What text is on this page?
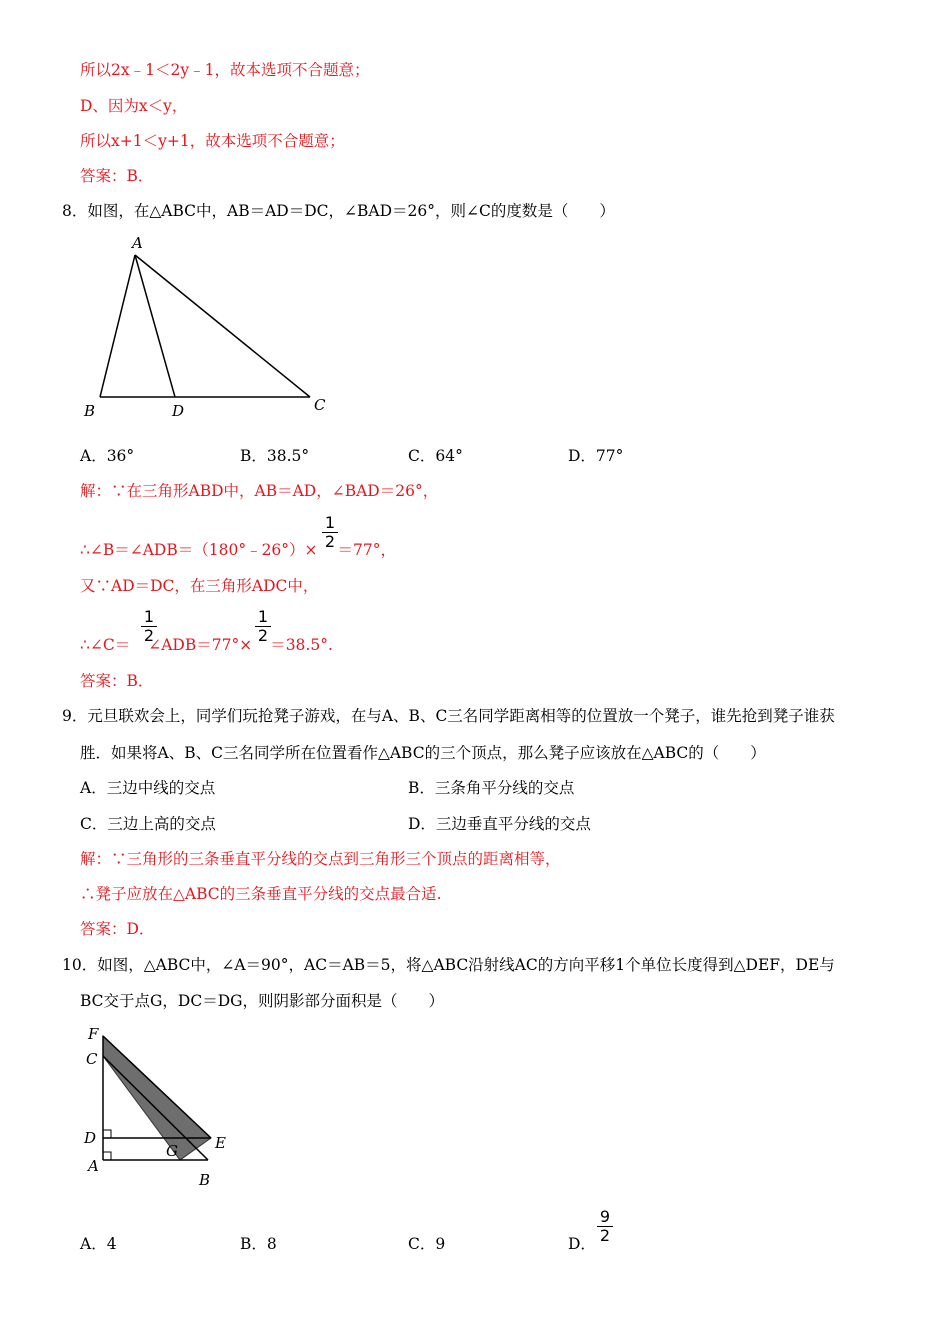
所以2x﹣1＜2y﹣1，故本选项不合题意；
D、因为x＜y，
所以x+1＜y+1，故本选项不合题意；
答案：B．
8．如图，在△ABC中，AB＝AD＝DC，∠BAD＝26°，则∠C的度数是（　　）
A
B	D	C
A．36°	B．38.5°	C．64°	D．77°
解：∵在三角形ABD中，AB＝AD，∠BAD＝26°，
∴∠B＝∠ADB＝（180°﹣26°）× ＝77°，
$\frac{1}{2}$
又∵AD＝DC，在三角形ADC中，
∴∠C＝ ∠ADB＝77°× ＝38.5°.
$\frac{1}{2}$	$\frac{1}{2}$
答案：B．
9．元旦联欢会上，同学们玩抢凳子游戏，在与A、B、C三名同学距离相等的位置放一个凳子，谁先抢到凳子谁获
胜．如果将A、B、C三名同学所在位置看作△ABC的三个顶点，那么凳子应该放在△ABC的（　　）
A．三边中线的交点	B．三条角平分线的交点
C．三边上高的交点	D．三边垂直平分线的交点
解：∵三角形的三条垂直平分线的交点到三角形三个顶点的距离相等，
∴凳子应放在△ABC的三条垂直平分线的交点最合适.
答案：D．
10．如图，△ABC中，∠A＝90°，AC＝AB＝5，将△ABC沿射线AC的方向平移1个单位长度得到△DEF，DE与
BC交于点G，DC＝DG，则阴影部分面积是（　　）
F
C
D
A
G E
B
A．4	B．8	C．9	D． $\frac{9}{2}$
